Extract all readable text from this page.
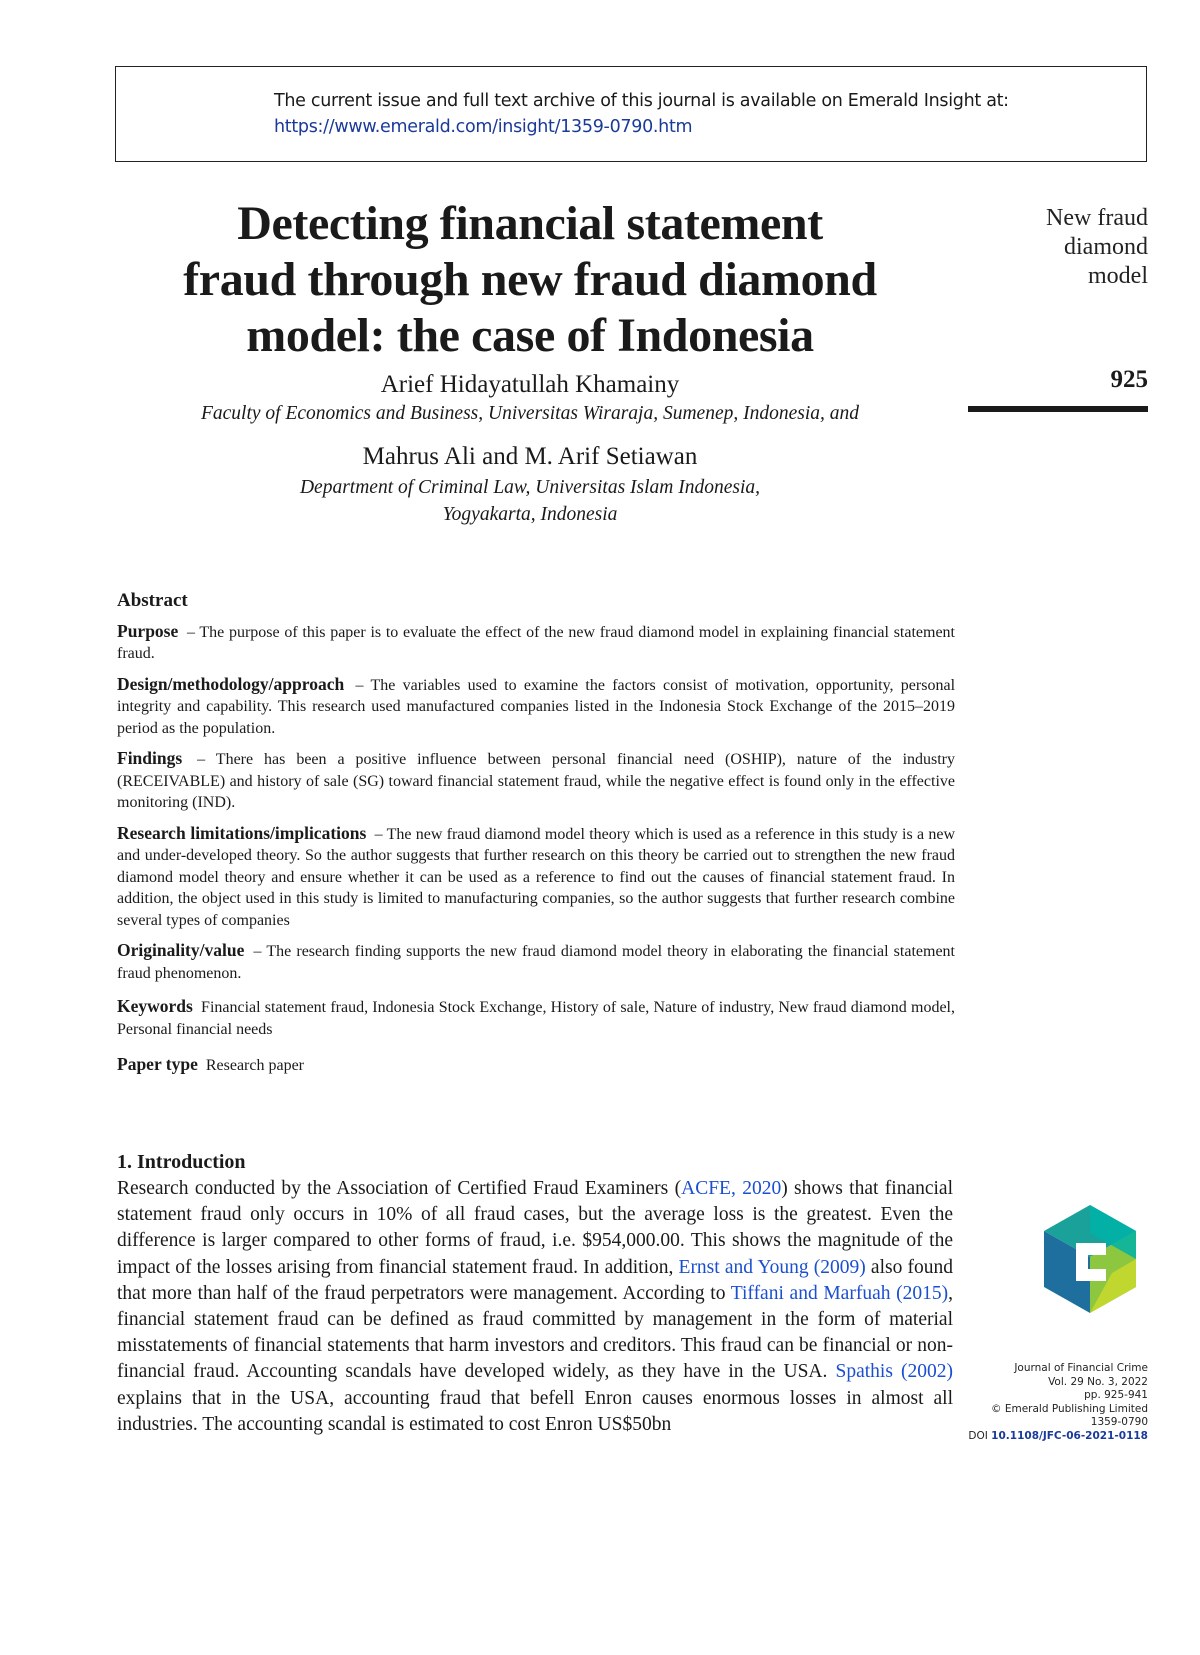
The current issue and full text archive of this journal is available on Emerald Insight at:
https://www.emerald.com/insight/1359-0790.htm
Detecting financial statement
fraud through new fraud diamond
model: the case of Indonesia
New fraud
diamond
model
925
Arief Hidayatullah Khamainy
Faculty of Economics and Business, Universitas Wiraraja, Sumenep, Indonesia, and
Mahrus Ali and M. Arif Setiawan
Department of Criminal Law, Universitas Islam Indonesia,
Yogyakarta, Indonesia
Abstract

Purpose – The purpose of this paper is to evaluate the effect of the new fraud diamond model in explaining financial statement fraud.

Design/methodology/approach – The variables used to examine the factors consist of motivation, opportunity, personal integrity and capability. This research used manufactured companies listed in the Indonesia Stock Exchange of the 2015–2019 period as the population.

Findings – There has been a positive influence between personal financial need (OSHIP), nature of the industry (RECEIVABLE) and history of sale (SG) toward financial statement fraud, while the negative effect is found only in the effective monitoring (IND).

Research limitations/implications – The new fraud diamond model theory which is used as a reference in this study is a new and under-developed theory. So the author suggests that further research on this theory be carried out to strengthen the new fraud diamond model theory and ensure whether it can be used as a reference to find out the causes of financial statement fraud. In addition, the object used in this study is limited to manufacturing companies, so the author suggests that further research combine several types of companies

Originality/value – The research finding supports the new fraud diamond model theory in elaborating the financial statement fraud phenomenon.

Keywords Financial statement fraud, Indonesia Stock Exchange, History of sale, Nature of industry, New fraud diamond model, Personal financial needs

Paper type Research paper

1. Introduction
Research conducted by the Association of Certified Fraud Examiners (ACFE, 2020) shows that financial statement fraud only occurs in 10% of all fraud cases, but the average loss is the greatest. Even the difference is larger compared to other forms of fraud, i.e. $954,000.00. This shows the magnitude of the impact of the losses arising from financial statement fraud. In addition, Ernst and Young (2009) also found that more than half of the fraud perpetrators were management. According to Tiffani and Marfuah (2015), financial statement fraud can be defined as fraud committed by management in the form of material misstatements of financial statements that harm investors and creditors. This fraud can be financial or non-financial fraud. Accounting scandals have developed widely, as they have in the USA. Spathis (2002) explains that in the USA, accounting fraud that befell Enron causes enormous losses in almost all industries. The accounting scandal is estimated to cost Enron US$50bn
Journal of Financial Crime
Vol. 29 No. 3, 2022
pp. 925-941
© Emerald Publishing Limited
1359-0790
DOI 10.1108/JFC-06-2021-0118
